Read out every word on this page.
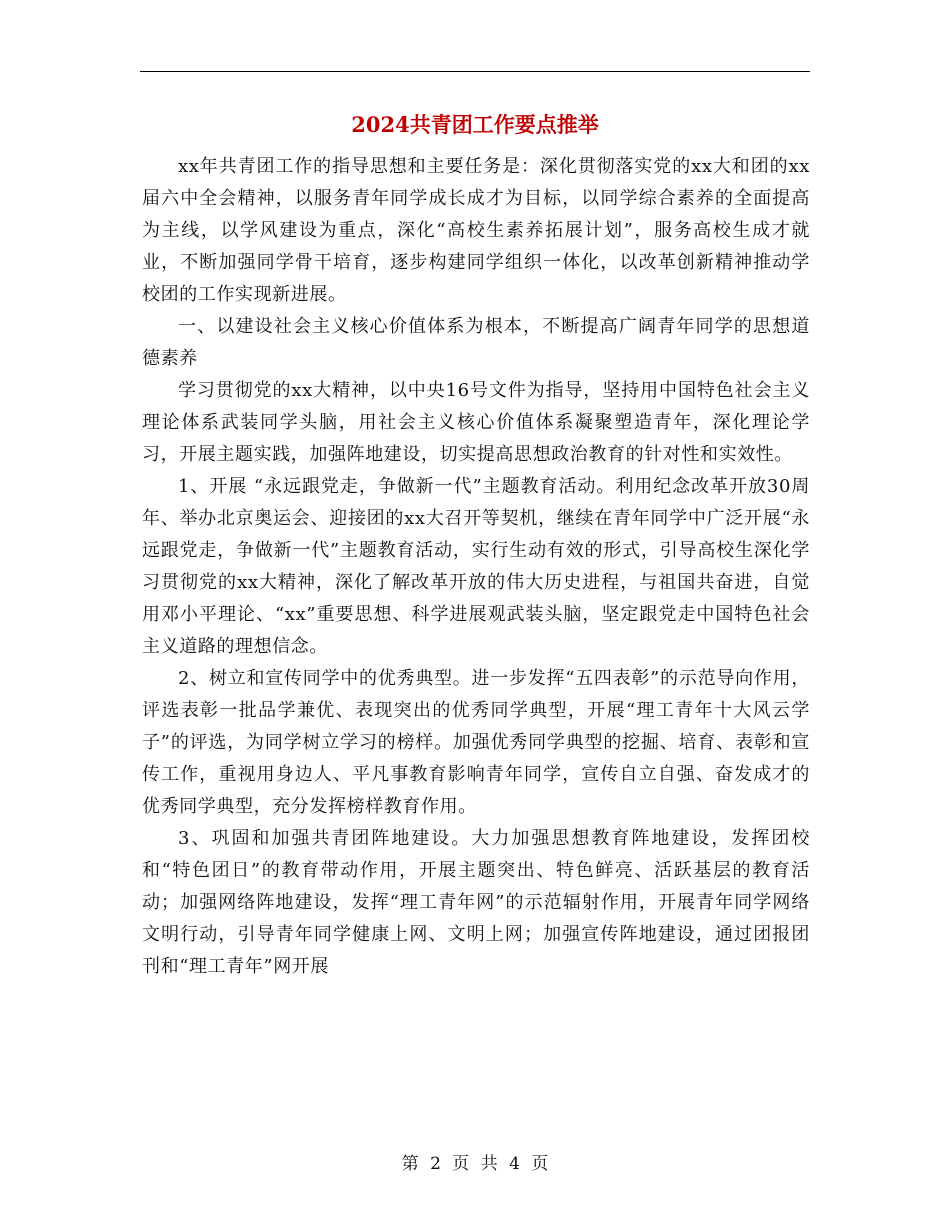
2024共青团工作要点推举

xx年共青团工作的指导思想和主要任务是：深化贯彻落实党的xx大和团的xx届六中全会精神，以服务青年同学成长成才为目标，以同学综合素养的全面提高为主线，以学风建设为重点，深化“高校生素养拓展计划”，服务高校生成才就业，不断加强同学骨干培育，逐步构建同学组织一体化，以改革创新精神推动学校团的工作实现新进展。

一、以建设社会主义核心价值体系为根本，不断提高广阔青年同学的思想道德素养

学习贯彻党的xx大精神，以中央16号文件为指导，坚持用中国特色社会主义理论体系武装同学头脑，用社会主义核心价值体系凝聚塑造青年，深化理论学习，开展主题实践，加强阵地建设，切实提高思想政治教育的针对性和实效性。

1、开展 “永远跟党走，争做新一代”主题教育活动。利用纪念改革开放30周年、举办北京奥运会、迎接团的xx大召开等契机，继续在青年同学中广泛开展“永远跟党走，争做新一代”主题教育活动，实行生动有效的形式，引导高校生深化学习贯彻党的xx大精神，深化了解改革开放的伟大历史进程，与祖国共奋进，自觉用邓小平理论、“xx”重要思想、科学进展观武装头脑，坚定跟党走中国特色社会主义道路的理想信念。

2、树立和宣传同学中的优秀典型。进一步发挥“五四表彰”的示范导向作用，评选表彰一批品学兼优、表现突出的优秀同学典型，开展“理工青年十大风云学子”的评选，为同学树立学习的榜样。加强优秀同学典型的挖掘、培育、表彰和宣传工作，重视用身边人、平凡事教育影响青年同学，宣传自立自强、奋发成才的优秀同学典型，充分发挥榜样教育作用。

3、巩固和加强共青团阵地建设。大力加强思想教育阵地建设，发挥团校和“特色团日”的教育带动作用，开展主题突出、特色鲜亮、活跃基层的教育活动；加强网络阵地建设，发挥“理工青年网”的示范辐射作用，开展青年同学网络文明行动，引导青年同学健康上网、文明上网；加强宣传阵地建设，通过团报团刊和“理工青年”网开展

第 2 页 共 4 页
